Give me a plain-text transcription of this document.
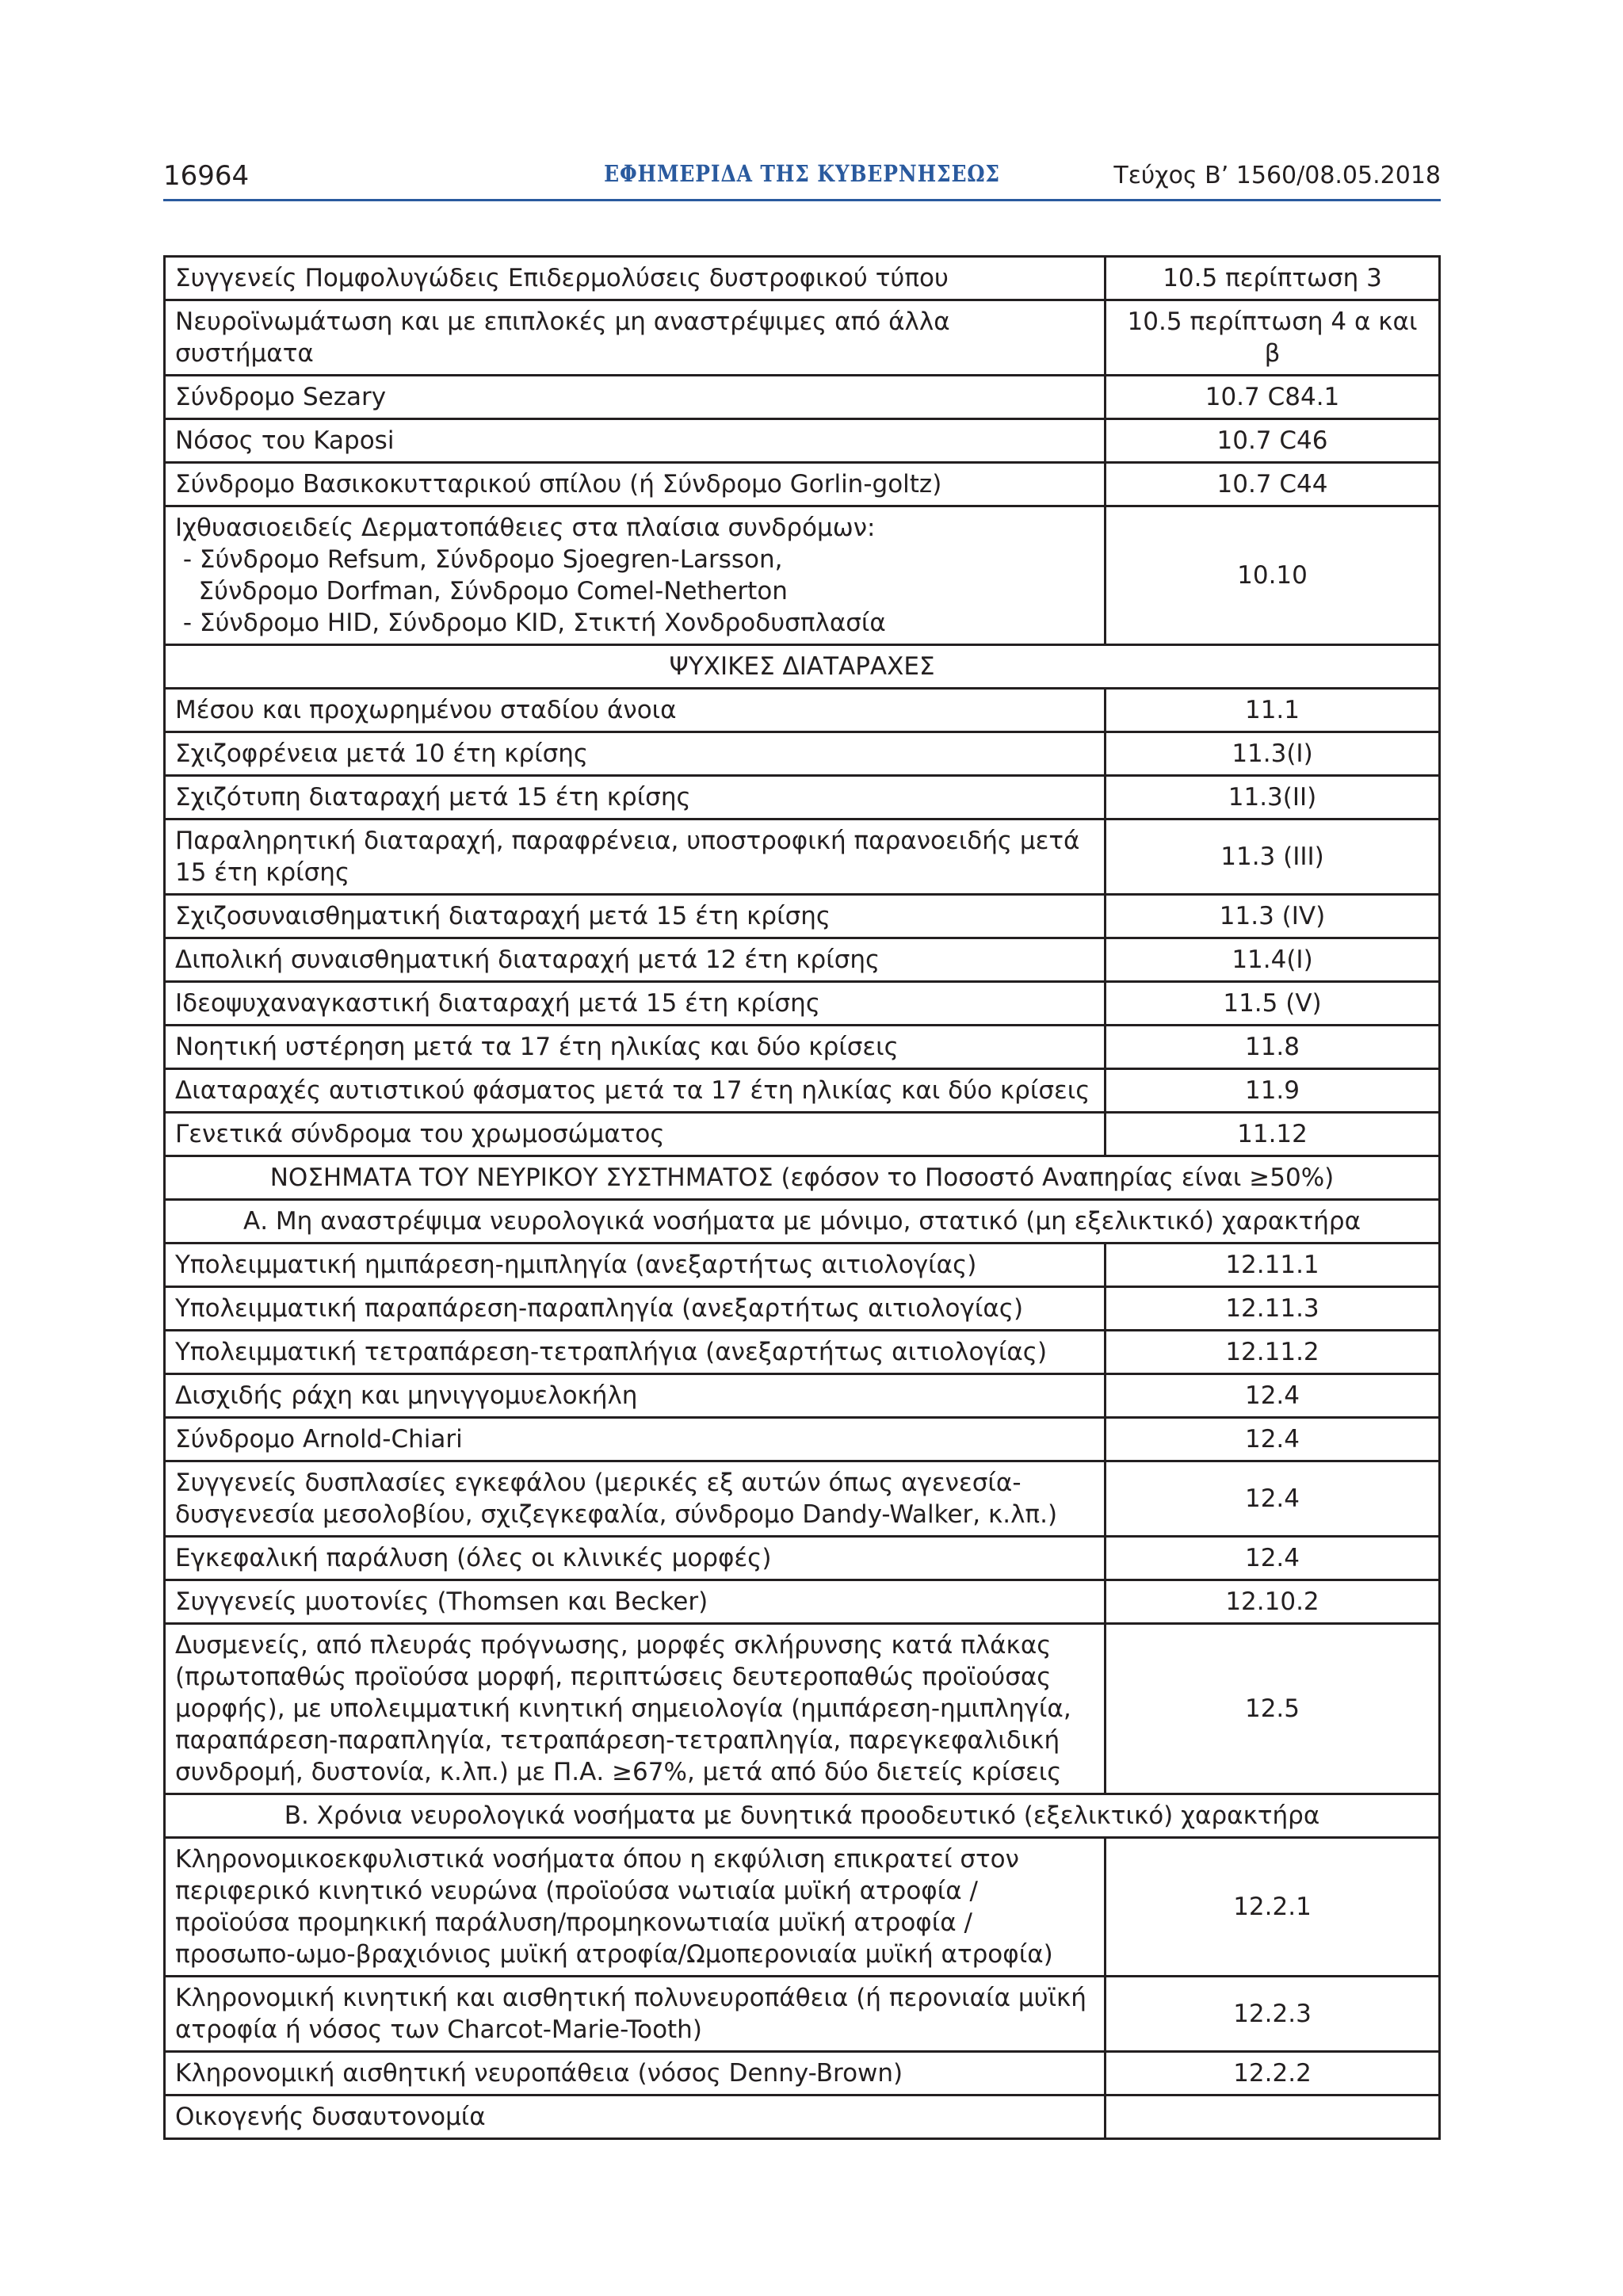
16964	ΕΦΗΜΕΡΙΔΑ ΤΗΣ ΚΥΒΕΡΝΗΣΕΩΣ	Τεύχος Β’ 1560/08.05.2018
Συγγενείς Πομφολυγώδεις Επιδερμολύσεις δυστροφικού τύπου	10.5 περίπτωση 3
Νευροϊνωμάτωση και με επιπλοκές μη αναστρέψιμες από άλλα συστήματα	10.5 περίπτωση 4 α και β
Σύνδρομο Sezary	10.7 C84.1
Νόσος του Kaposi	10.7 C46
Σύνδρομο Βασικοκυτταρικού σπίλου (ή Σύνδρομο Gorlin-goltz)	10.7 C44
Ιχθυασιοειδείς Δερματοπάθειες στα πλαίσια συνδρόμων:
- Σύνδρομο Refsum, Σύνδρομο Sjoegren-Larsson,
Σύνδρομο Dorfman, Σύνδρομο Comel-Netherton
- Σύνδρομο HID, Σύνδρομο KID, Στικτή Χονδροδυσπλασία	10.10
ΨΥΧΙΚΕΣ ΔΙΑΤΑΡΑΧΕΣ	
Μέσου και προχωρημένου σταδίου άνοια	11.1
Σχιζοφρένεια μετά 10 έτη κρίσης	11.3(I)
Σχιζότυπη διαταραχή μετά 15 έτη κρίσης	11.3(II)
Παραληρητική διαταραχή, παραφρένεια, υποστροφική παρανοειδής μετά 15 έτη κρίσης	11.3 (III)
Σχιζοσυναισθηματική διαταραχή μετά 15 έτη κρίσης	11.3 (IV)
Διπολική συναισθηματική διαταραχή μετά 12 έτη κρίσης	11.4(I)
Ιδεοψυχαναγκαστική διαταραχή μετά 15 έτη κρίσης	11.5 (V)
Νοητική υστέρηση μετά τα 17 έτη ηλικίας και δύο κρίσεις	11.8
Διαταραχές αυτιστικού φάσματος μετά τα 17 έτη ηλικίας και δύο κρίσεις	11.9
Γενετικά σύνδρομα του χρωμοσώματος	11.12
ΝΟΣΗΜΑΤΑ ΤΟΥ ΝΕΥΡΙΚΟΥ ΣΥΣΤΗΜΑΤΟΣ (εφόσον το Ποσοστό Αναπηρίας είναι ≥50%)	
Α. Μη αναστρέψιμα νευρολογικά νοσήματα με μόνιμο, στατικό (μη εξελικτικό) χαρακτήρα	
Υπολειμματική ημιπάρεση-ημιπληγία (ανεξαρτήτως αιτιολογίας)	12.11.1
Υπολειμματική παραπάρεση-παραπληγία (ανεξαρτήτως αιτιολογίας)	12.11.3
Υπολειμματική τετραπάρεση-τετραπλήγια (ανεξαρτήτως αιτιολογίας)	12.11.2
Δισχιδής ράχη και μηνιγγομυελοκήλη	12.4
Σύνδρομο Arnold-Chiari	12.4
Συγγενείς δυσπλασίες εγκεφάλου (μερικές εξ αυτών όπως αγενεσία-δυσγενεσία μεσολοβίου, σχιζεγκεφαλία, σύνδρομο Dandy-Walker, κ.λπ.)	12.4
Εγκεφαλική παράλυση (όλες οι κλινικές μορφές)	12.4
Συγγενείς μυοτονίες (Thomsen και Becker)	12.10.2
Δυσμενείς, από πλευράς πρόγνωσης, μορφές σκλήρυνσης κατά πλάκας (πρωτοπαθώς προϊούσα μορφή, περιπτώσεις δευτεροπαθώς προϊούσας μορφής), με υπολειμματική κινητική σημειολογία (ημιπάρεση-ημιπληγία, παραπάρεση-παραπληγία, τετραπάρεση-τετραπληγία, παρεγκεφαλιδική συνδρομή, δυστονία, κ.λπ.) με Π.Α. ≥67%, μετά από δύο διετείς κρίσεις	12.5
Β. Χρόνια νευρολογικά νοσήματα με δυνητικά προοδευτικό (εξελικτικό) χαρακτήρα	
Κληρονομικοεκφυλιστικά νοσήματα όπου η εκφύλιση επικρατεί στον περιφερικό κινητικό νευρώνα (προϊούσα νωτιαία μυϊκή ατροφία / προϊούσα προμηκική παράλυση/προμηκονωτιαία μυϊκή ατροφία / προσωπο-ωμο-βραχιόνιος μυϊκή ατροφία/Ωμοπερονιαία μυϊκή ατροφία)	12.2.1
Κληρονομική κινητική και αισθητική πολυνευροπάθεια (ή περονιαία μυϊκή ατροφία ή νόσος των Charcot-Marie-Tooth)	12.2.3
Κληρονομική αισθητική νευροπάθεια (νόσος Denny-Brown)	12.2.2
Οικογενής δυσαυτονομία	
